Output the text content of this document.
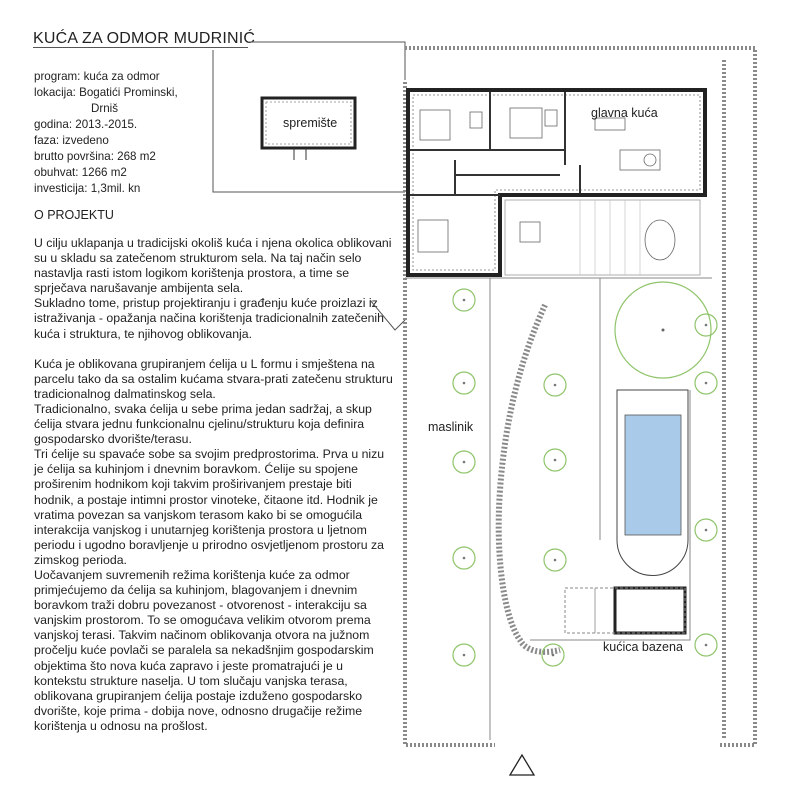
KUĆA ZA ODMOR MUDRINIĆ
program: kuća za odmor
lokacija: Bogatići Prominski,
Drniš
godina: 2013.-2015.
faza: izvedeno
brutto površina: 268 m2
obuhvat: 1266 m2
investicija: 1,3mil. kn
O PROJEKTU

U cilju uklapanja u tradicijski okoliš kuća i njena okolica oblikovani su u skladu sa zatečenom strukturom sela. Na taj način selo nastavlja rasti istom logikom korištenja prostora, a time se sprječava narušavanje ambijenta sela.

Sukladno tome, pristup projektiranju i građenju kuće proizlazi iz istraživanja - opažanja načina korištenja tradicionalnih zatečenih kuća i struktura, te njihovog oblikovanja.

Kuća je oblikovana grupiranjem ćelija u L formu i smještena na parcelu tako da sa ostalim kućama stvara-prati zatečenu strukturu tradicionalnog dalmatinskog sela.

Tradicionalno, svaka ćelija u sebe prima jedan sadržaj, a skup ćelija stvara jednu funkcionalnu cjelinu/strukturu koja definira gospodarsko dvorište/terasu.

Tri ćelije su spavaće sobe sa svojim predprostorima. Prva u nizu je ćelija sa kuhinjom i dnevnim boravkom. Ćelije su spojene proširenim hodnikom koji takvim proširivanjem prestaje biti hodnik, a postaje intimni prostor vinoteke, čitaone itd. Hodnik je vratima povezan sa vanjskom terasom kako bi se omogućila interakcija vanjskog i unutarnjeg korištenja prostora u ljetnom periodu i ugodno boravljenje u prirodno osvjetljenom prostoru za zimskog perioda.

Uočavanjem suvremenih režima korištenja kuće za odmor primjećujemo da ćelija sa kuhinjom, blagovanjem i dnevnim boravkom traži dobru povezanost - otvorenost - interakciju sa vanjskim prostorom. To se omogućava velikim otvorom prema vanjskoj terasi. Takvim načinom oblikovanja otvora na južnom pročelju kuće povlači se paralela sa nekadšnjim gospodarskim objektima što nova kuća zapravo i jeste promatrajući je u kontekstu strukture naselja. U tom slučaju vanjska terasa, oblikovana grupiranjem ćelija postaje izduženo gospodarsko dvorište, koje prima - dobija nove, odnosno drugačije režime korištenja u odnosu na prošlost.

spremište
glavna kuća
maslinik
kućica bazena
